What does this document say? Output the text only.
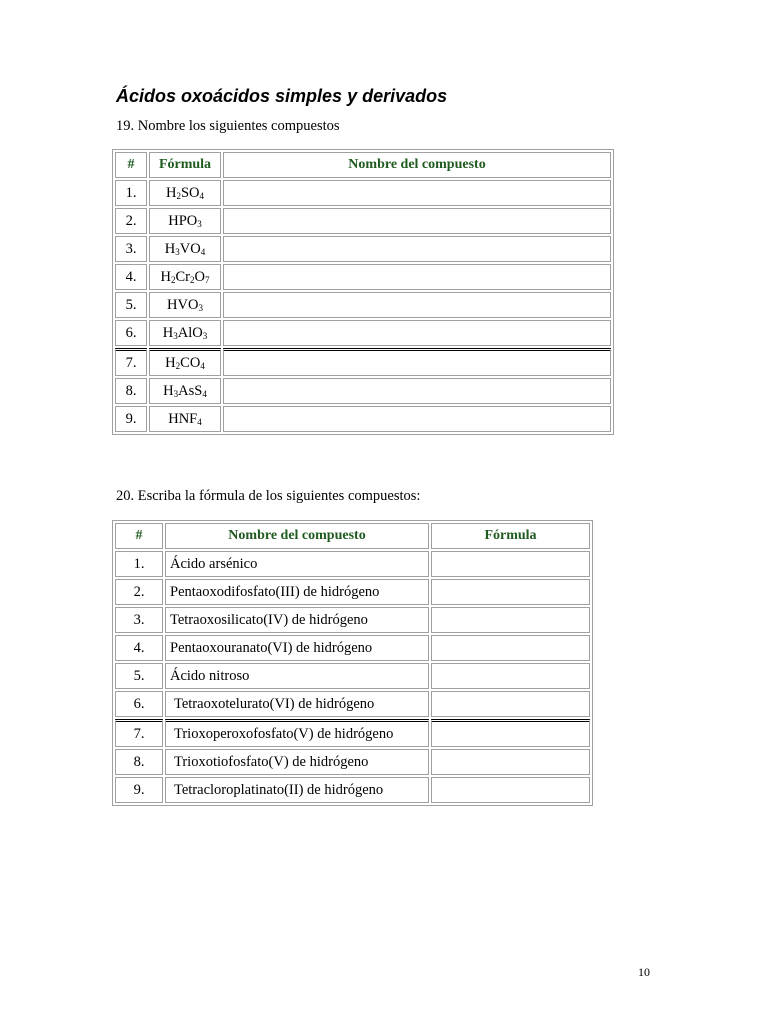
Ácidos oxoácidos simples y derivados

19. Nombre los siguientes compuestos

#	Fórmula	Nombre del compuesto
1.	$H_2SO_4$	
2.	$HPO_3$	
3.	$H_3VO_4$	
4.	$H_2Cr_2O_7$	
5.	$HVO_3$	
6.	$H_3AlO_3$	
7.	$H_2CO_4$	
8.	$H_3AsS_4$	
9.	$HNF_4$	

20. Escriba la fórmula de los siguientes compuestos:

#	Nombre del compuesto	Fórmula
1.	Ácido arsénico	
2.	Pentaoxodifosfato(III) de hidrógeno	
3.	Tetraoxosilicato(IV) de hidrógeno	
4.	Pentaoxouranato(VI) de hidrógeno	
5.	Ácido nitroso	
6.	Tetraoxotelurato(VI) de hidrógeno	
7.	Trioxoperoxofosfato(V) de hidrógeno	
8.	Trioxotiofosfato(V) de hidrógeno	
9.	Tetracloroplatinato(II) de hidrógeno	
10
